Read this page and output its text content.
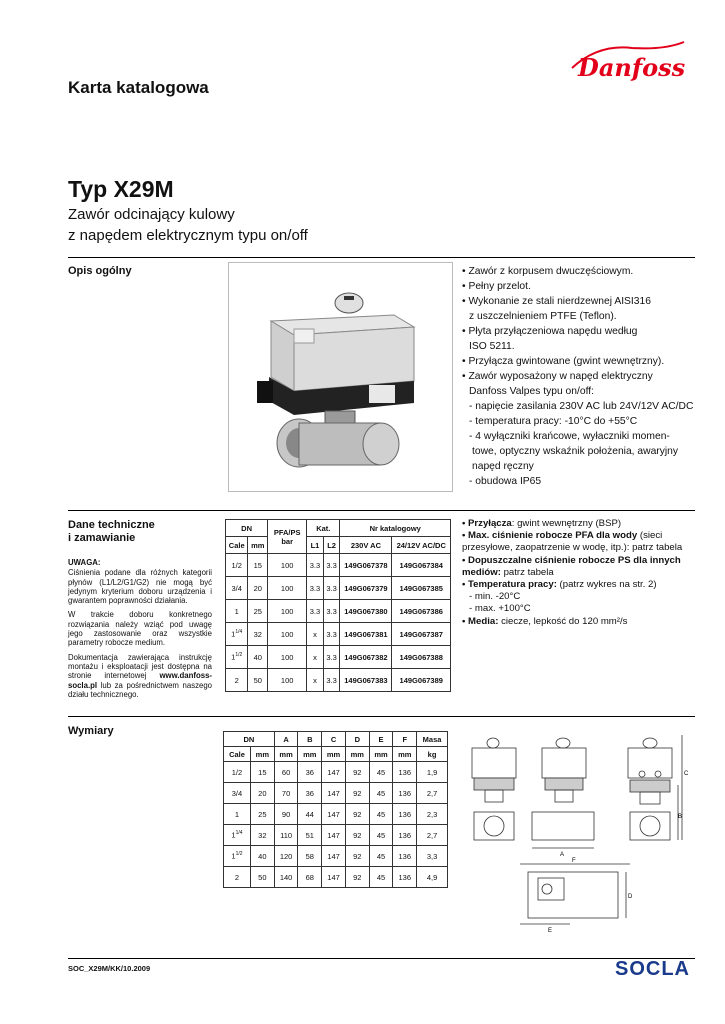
Danfoss
Karta katalogowa
Typ X29M
Zawór odcinający kulowy
z napędem elektrycznym typu on/off
Opis ogólny	• Zawór z korpusem dwuczęściowym.
• Pełny przelot.
• Wykonanie ze stali nierdzewnej AISI316
z uszczelnieniem PTFE (Teflon).
• Płyta przyłączeniowa napędu według
ISO 5211.
• Przyłącza gwintowane (gwint wewnętrzny).
• Zawór wyposażony w napęd elektryczny
Danfoss Valpes typu on/off:
- napięcie zasilania 230V AC lub 24V/12V AC/DC
- temperatura pracy: -10°C do +55°C
- 4 wyłączniki krańcowe, wyłaczniki momen-
towe, optyczny wskaźnik położenia, awaryjny
napęd ręczny
- obudowa IP65
Dane techniczne
i zamawianie

UWAGA:

Ciśnienia podane dla różnych kategorii płynów (L1/L2/G1/G2) nie mogą być jedynym kryterium doboru urządzenia i gwarantem poprawności działania.

W trakcie doboru konkretnego rozwiązania należy wziąć pod uwagę jego zastosowanie oraz wszystkie parametry robocze medium.

Dokumentacja zawierająca instrukcję montażu i eksploatacji jest dostępna na stronie internetowej www.danfoss-socla.pl lub za pośrednictwem naszego działu technicznego.

DN		PFA/PS bar	Kat.		Nr katalogowy	
Cale	mm		L1	L2	230V AC	24/12V AC/DC
1/2	15	100	3.3	3.3	149G067378	149G067384
3/4	20	100	3.3	3.3	149G067379	149G067385
1	25	100	3.3	3.3	149G067380	149G067386
$1^{1/4}$	32	100	x	3.3	149G067381	149G067387
$1^{1/2}$	40	100	x	3.3	149G067382	149G067388
2	50	100	x	3.3	149G067383	149G067389
• Przyłącza: gwint wewnętrzny (BSP)
• Max. ciśnienie robocze PFA dla wody (sieci przesyłowe, zaopatrzenie w wodę, itp.): patrz tabela
• Dopuszczalne ciśnienie robocze PS dla innych mediów: patrz tabela
• Temperatura pracy: (patrz wykres na str. 2)
- min. -20°C
- max. +100°C
• Media: ciecze, lepkość do 120 mm²/s
Wymiary
DN		A	B	C	D	E	F	Masa
Cale	mm	mm	mm	mm	mm	mm	mm	kg
1/2	15	60	36	147	92	45	136	1,9
3/4	20	70	36	147	92	45	136	2,7
1	25	90	44	147	92	45	136	2,3
$1^{1/4}$	32	110	51	147	92	45	136	2,7
$1^{1/2}$	40	120	58	147	92	45	136	3,3
2	50	140	68	147	92	45	136	4,9
A
B
C
D
E
F
SOC_X29M/KK/10.2009	SOCLA
